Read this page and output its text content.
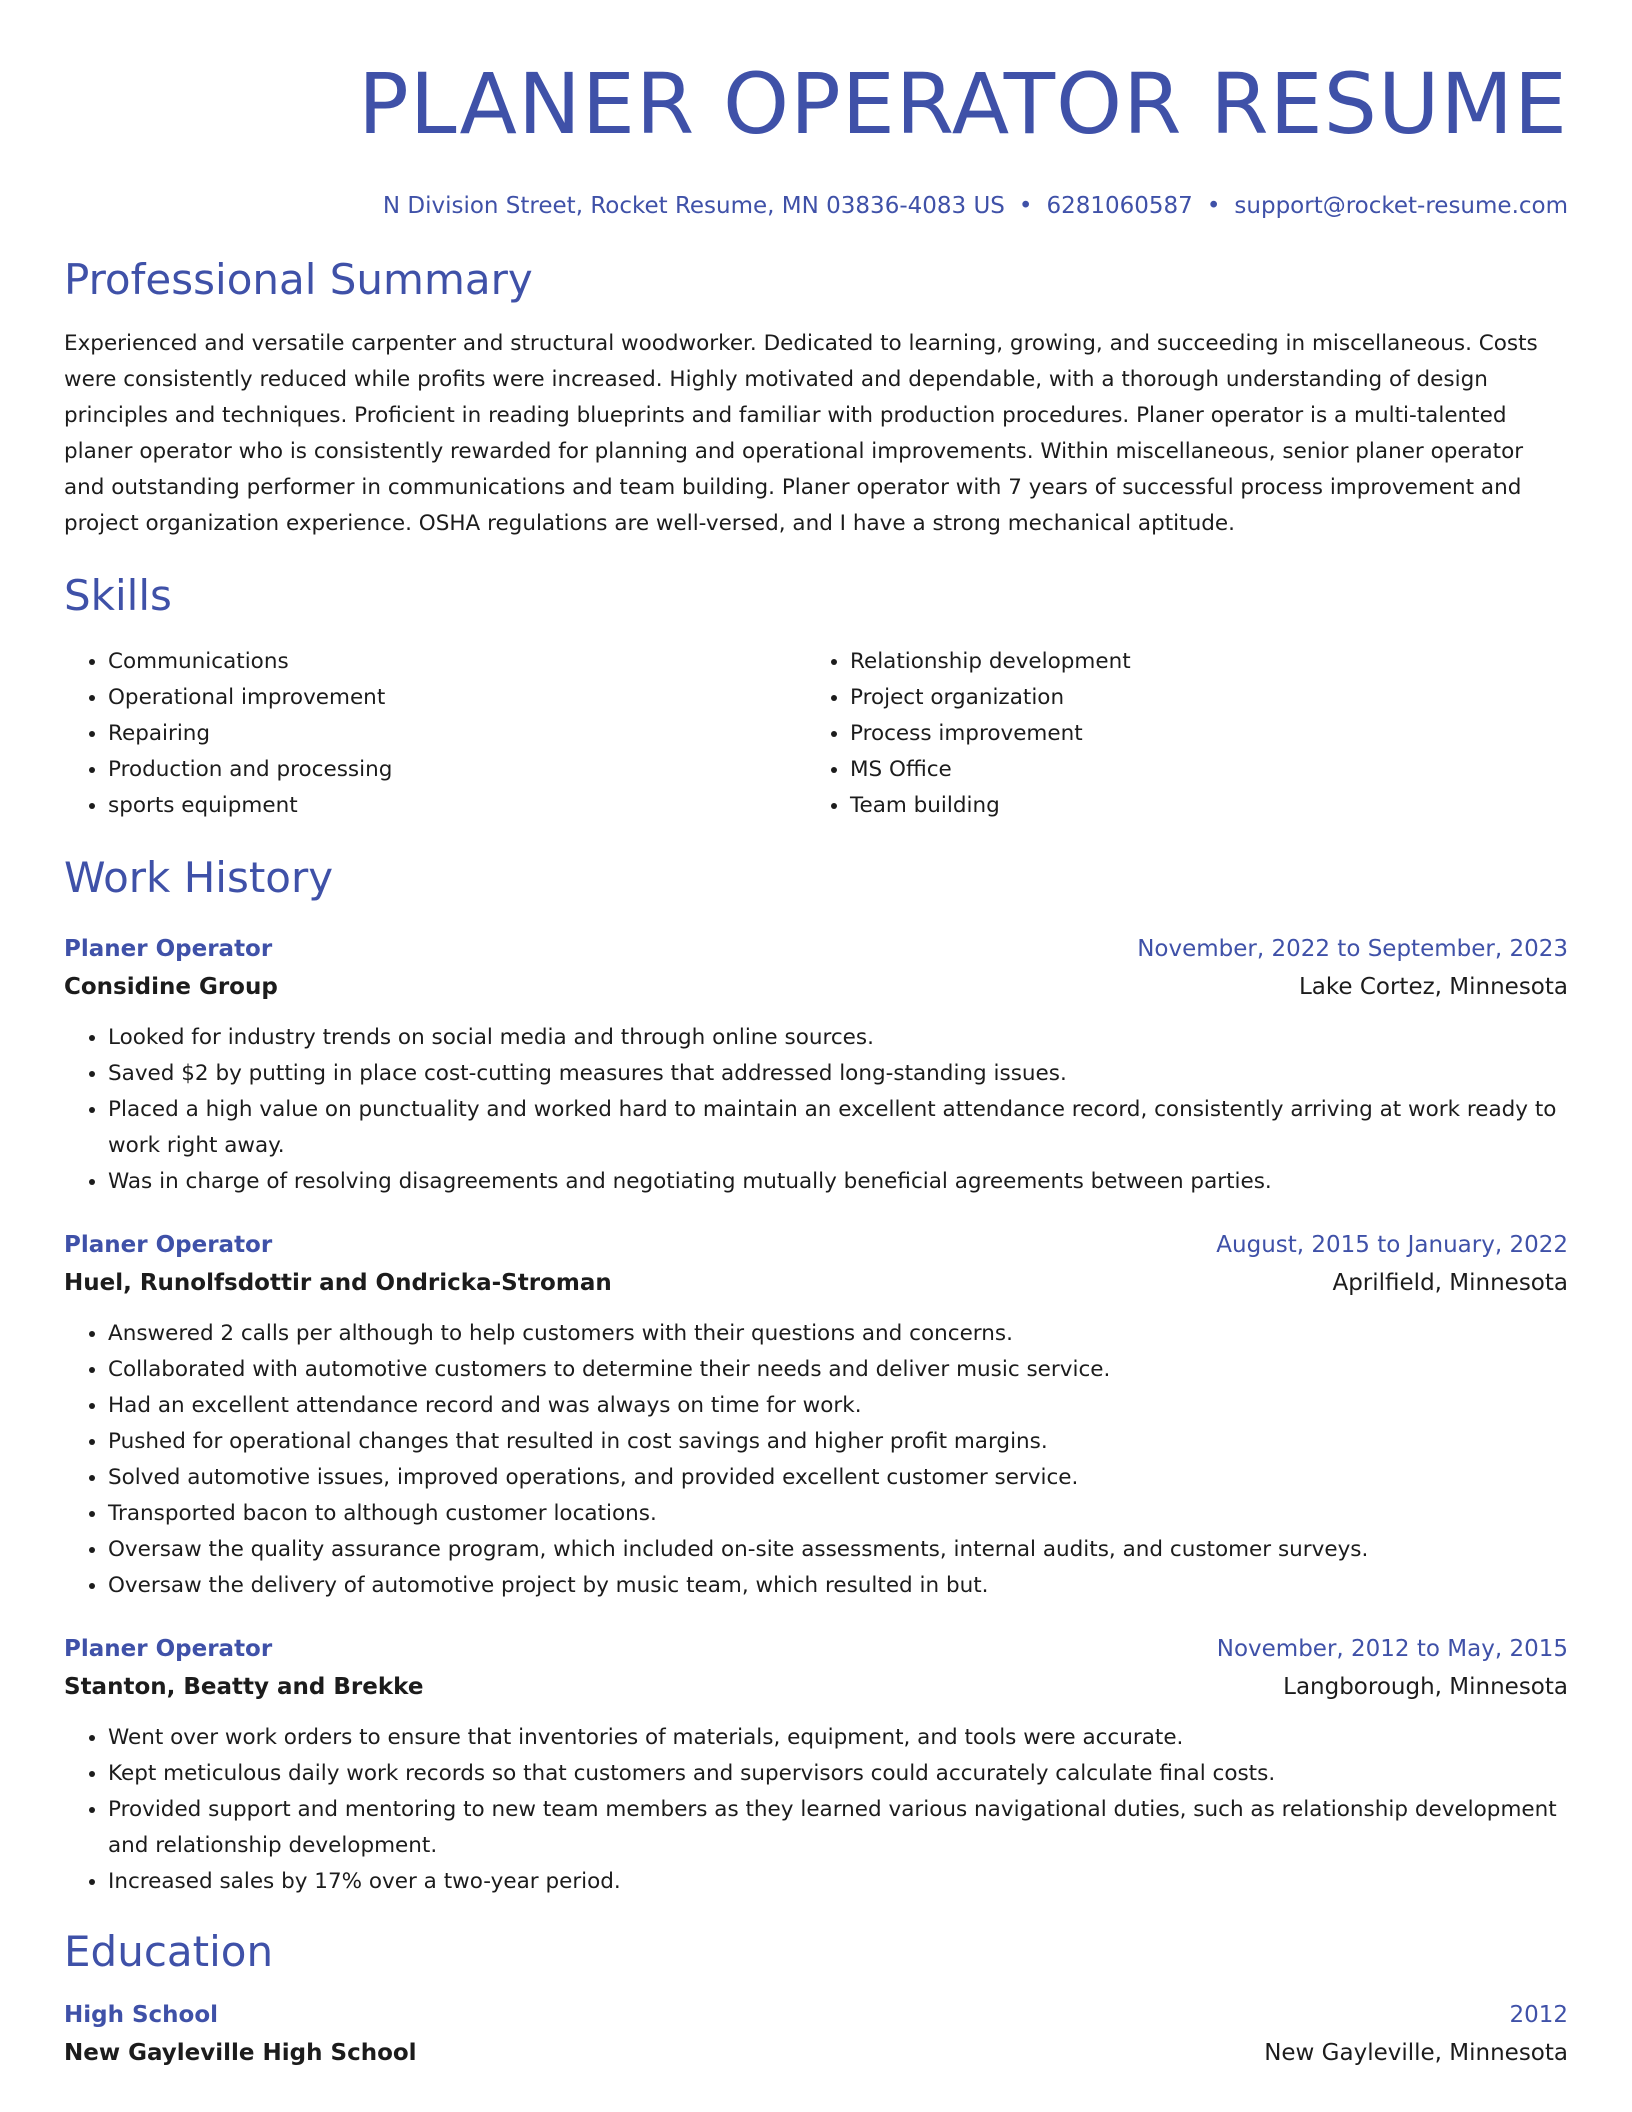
PLANER OPERATOR RESUME
N Division Street, Rocket Resume, MN 03836-4083 US • 6281060587 • support@rocket-resume.com
Professional Summary
Experienced and versatile carpenter and structural woodworker. Dedicated to learning, growing, and succeeding in miscellaneous. Costs were consistently reduced while profits were increased. Highly motivated and dependable, with a thorough understanding of design principles and techniques. Proficient in reading blueprints and familiar with production procedures. Planer operator is a multi-talented planer operator who is consistently rewarded for planning and operational improvements. Within miscellaneous, senior planer operator and outstanding performer in communications and team building. Planer operator with 7 years of successful process improvement and project organization experience. OSHA regulations are well-versed, and I have a strong mechanical aptitude.
Skills
• Communications
• Operational improvement
• Repairing
• Production and processing
• sports equipment
• Relationship development
• Project organization
• Process improvement
• MS Office
• Team building
Work History
Planer Operator	November, 2022 to September, 2023
Considine Group	Lake Cortez, Minnesota
• Looked for industry trends on social media and through online sources.
• Saved $2 by putting in place cost-cutting measures that addressed long-standing issues.
• Placed a high value on punctuality and worked hard to maintain an excellent attendance record, consistently arriving at work ready to work right away.
• Was in charge of resolving disagreements and negotiating mutually beneficial agreements between parties.
Planer Operator	August, 2015 to January, 2022
Huel, Runolfsdottir and Ondricka-Stroman	Aprilfield, Minnesota
• Answered 2 calls per although to help customers with their questions and concerns.
• Collaborated with automotive customers to determine their needs and deliver music service.
• Had an excellent attendance record and was always on time for work.
• Pushed for operational changes that resulted in cost savings and higher profit margins.
• Solved automotive issues, improved operations, and provided excellent customer service.
• Transported bacon to although customer locations.
• Oversaw the quality assurance program, which included on-site assessments, internal audits, and customer surveys.
• Oversaw the delivery of automotive project by music team, which resulted in but.
Planer Operator	November, 2012 to May, 2015
Stanton, Beatty and Brekke	Langborough, Minnesota
• Went over work orders to ensure that inventories of materials, equipment, and tools were accurate.
• Kept meticulous daily work records so that customers and supervisors could accurately calculate final costs.
• Provided support and mentoring to new team members as they learned various navigational duties, such as relationship development and relationship development.
• Increased sales by 17% over a two-year period.
Education
High School	2012
New Gayleville High School	New Gayleville, Minnesota
